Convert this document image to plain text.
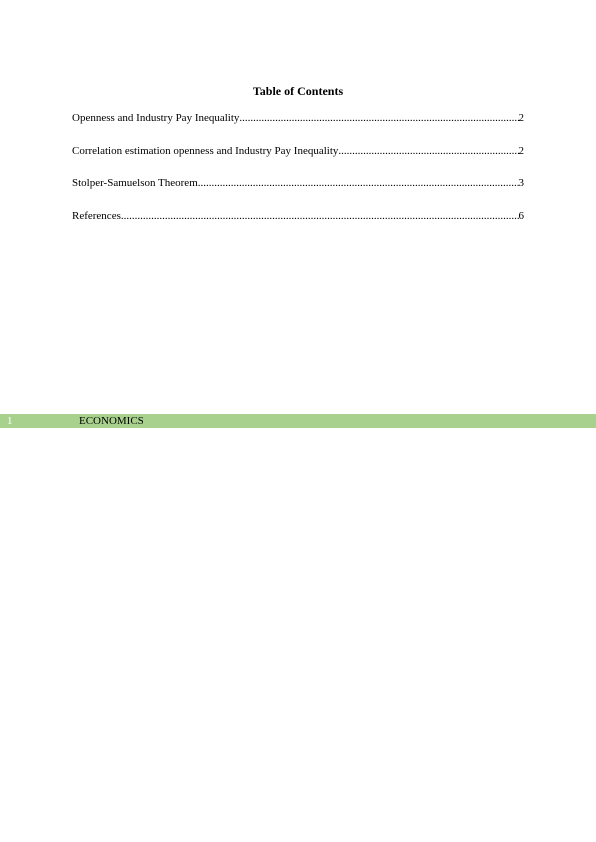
Table of Contents
Openness and Industry Pay Inequality .....	2
Correlation estimation openness and Industry Pay Inequality .....	2
Stolper-Samuelson Theorem .....	3
References .....	6
1	ECONOMICS
